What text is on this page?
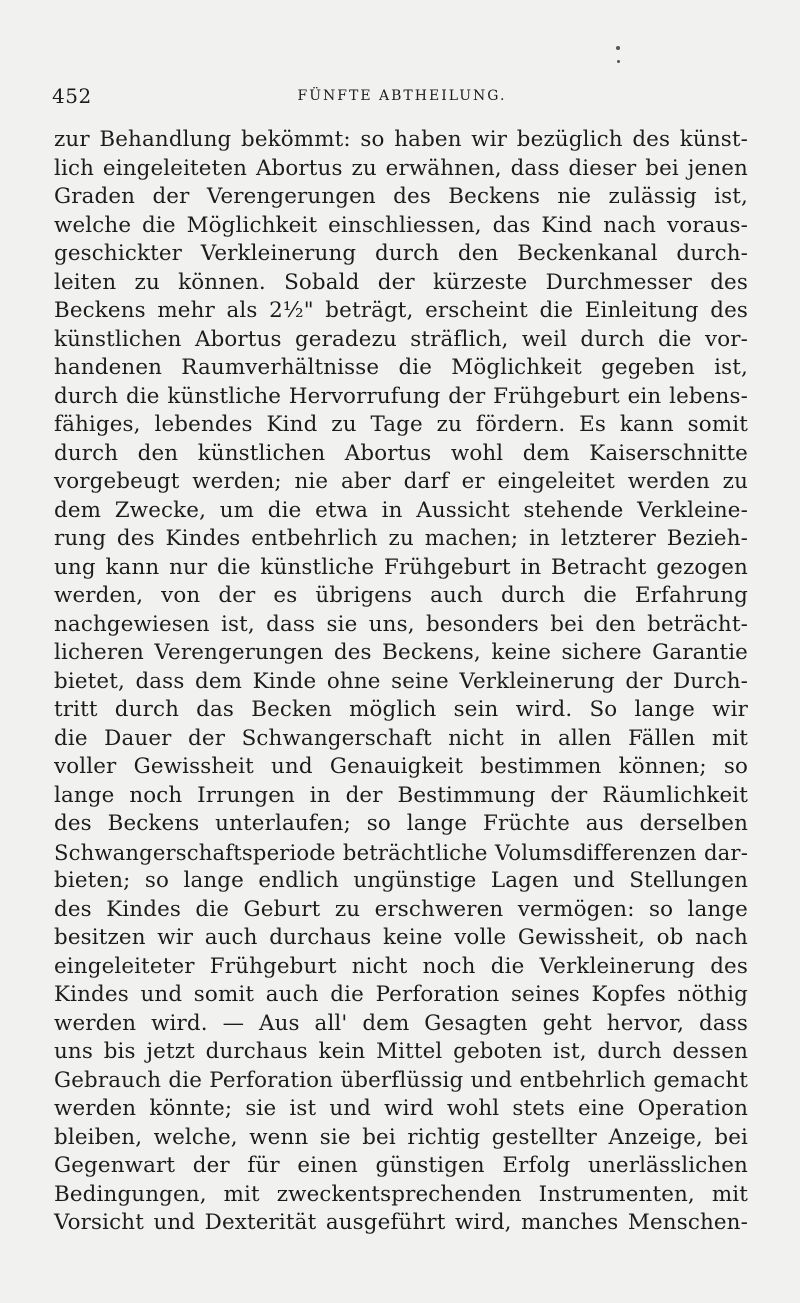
452	FÜNFTE ABTHEILUNG.
zur Behandlung bekömmt: so haben wir bezüglich des künst-
lich eingeleiteten Abortus zu erwähnen, dass dieser bei jenen
Graden der Verengerungen des Beckens nie zulässig ist,
welche die Möglichkeit einschliessen, das Kind nach voraus-
geschickter Verkleinerung durch den Beckenkanal durch-
leiten zu können. Sobald der kürzeste Durchmesser des
Beckens mehr als 2½" beträgt, erscheint die Einleitung des
künstlichen Abortus geradezu sträflich, weil durch die vor-
handenen Raumverhältnisse die Möglichkeit gegeben ist,
durch die künstliche Hervorrufung der Frühgeburt ein lebens-
fähiges, lebendes Kind zu Tage zu fördern. Es kann somit
durch den künstlichen Abortus wohl dem Kaiserschnitte
vorgebeugt werden; nie aber darf er eingeleitet werden zu
dem Zwecke, um die etwa in Aussicht stehende Verkleine-
rung des Kindes entbehrlich zu machen; in letzterer Bezieh-
ung kann nur die künstliche Frühgeburt in Betracht gezogen
werden, von der es übrigens auch durch die Erfahrung
nachgewiesen ist, dass sie uns, besonders bei den beträcht-
licheren Verengerungen des Beckens, keine sichere Garantie
bietet, dass dem Kinde ohne seine Verkleinerung der Durch-
tritt durch das Becken möglich sein wird. So lange wir
die Dauer der Schwangerschaft nicht in allen Fällen mit
voller Gewissheit und Genauigkeit bestimmen können; so
lange noch Irrungen in der Bestimmung der Räumlichkeit
des Beckens unterlaufen; so lange Früchte aus derselben
Schwangerschaftsperiode beträchtliche Volumsdifferenzen dar-
bieten; so lange endlich ungünstige Lagen und Stellungen
des Kindes die Geburt zu erschweren vermögen: so lange
besitzen wir auch durchaus keine volle Gewissheit, ob nach
eingeleiteter Frühgeburt nicht noch die Verkleinerung des
Kindes und somit auch die Perforation seines Kopfes nöthig
werden wird. — Aus all' dem Gesagten geht hervor, dass
uns bis jetzt durchaus kein Mittel geboten ist, durch dessen
Gebrauch die Perforation überflüssig und entbehrlich gemacht
werden könnte; sie ist und wird wohl stets eine Operation
bleiben, welche, wenn sie bei richtig gestellter Anzeige, bei
Gegenwart der für einen günstigen Erfolg unerlässlichen
Bedingungen, mit zweckentsprechenden Instrumenten, mit
Vorsicht und Dexterität ausgeführt wird, manches Menschen-
